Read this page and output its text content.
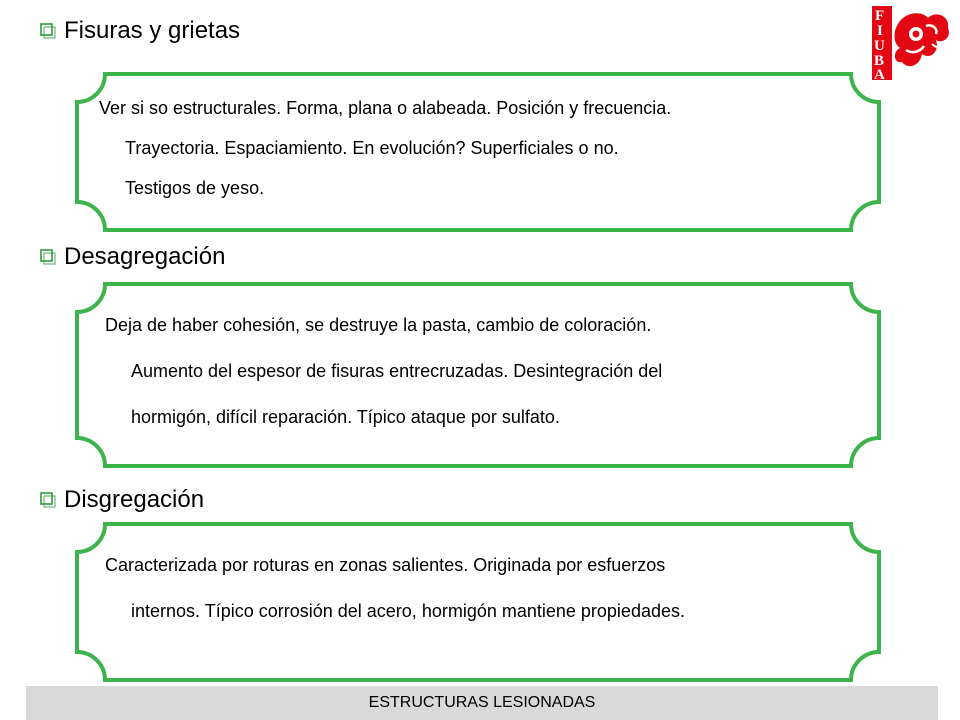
Fisuras y grietas
Ver si so estructurales. Forma, plana o alabeada. Posición y frecuencia.
Trayectoria. Espaciamiento. En evolución? Superficiales o no.
Testigos de yeso.
Desagregación
Deja de haber cohesión, se destruye la pasta, cambio de coloración.
Aumento del espesor de fisuras entrecruzadas. Desintegración del
hormigón, difícil reparación. Típico ataque por sulfato.
Disgregación
Caracterizada por roturas en zonas salientes. Originada por esfuerzos
internos. Típico corrosión del acero, hormigón mantiene propiedades.
F
I
U
B
A
ESTRUCTURAS LESIONADAS
